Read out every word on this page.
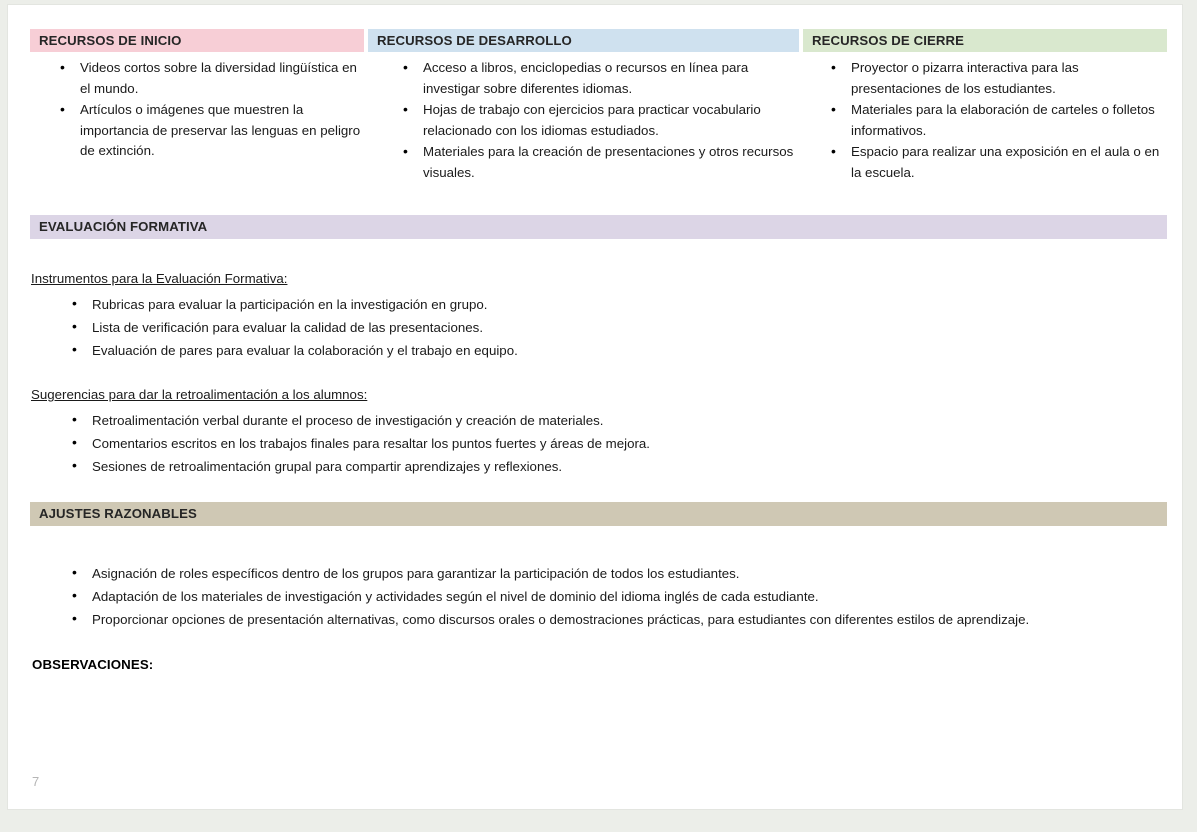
RECURSOS DE INICIO
• Videos cortos sobre la diversidad lingüística en el mundo.
• Artículos o imágenes que muestren la importancia de preservar las lenguas en peligro de extinción.
RECURSOS DE DESARROLLO
• Acceso a libros, enciclopedias o recursos en línea para investigar sobre diferentes idiomas.
• Hojas de trabajo con ejercicios para practicar vocabulario relacionado con los idiomas estudiados.
• Materiales para la creación de presentaciones y otros recursos visuales.
RECURSOS DE CIERRE
• Proyector o pizarra interactiva para las presentaciones de los estudiantes.
• Materiales para la elaboración de carteles o folletos informativos.
• Espacio para realizar una exposición en el aula o en la escuela.
EVALUACIÓN FORMATIVA
Instrumentos para la Evaluación Formativa:
• Rubricas para evaluar la participación en la investigación en grupo.
• Lista de verificación para evaluar la calidad de las presentaciones.
• Evaluación de pares para evaluar la colaboración y el trabajo en equipo.
Sugerencias para dar la retroalimentación a los alumnos:
• Retroalimentación verbal durante el proceso de investigación y creación de materiales.
• Comentarios escritos en los trabajos finales para resaltar los puntos fuertes y áreas de mejora.
• Sesiones de retroalimentación grupal para compartir aprendizajes y reflexiones.
AJUSTES RAZONABLES
• Asignación de roles específicos dentro de los grupos para garantizar la participación de todos los estudiantes.
• Adaptación de los materiales de investigación y actividades según el nivel de dominio del idioma inglés de cada estudiante.
• Proporcionar opciones de presentación alternativas, como discursos orales o demostraciones prácticas, para estudiantes con diferentes estilos de aprendizaje.
OBSERVACIONES:
7
